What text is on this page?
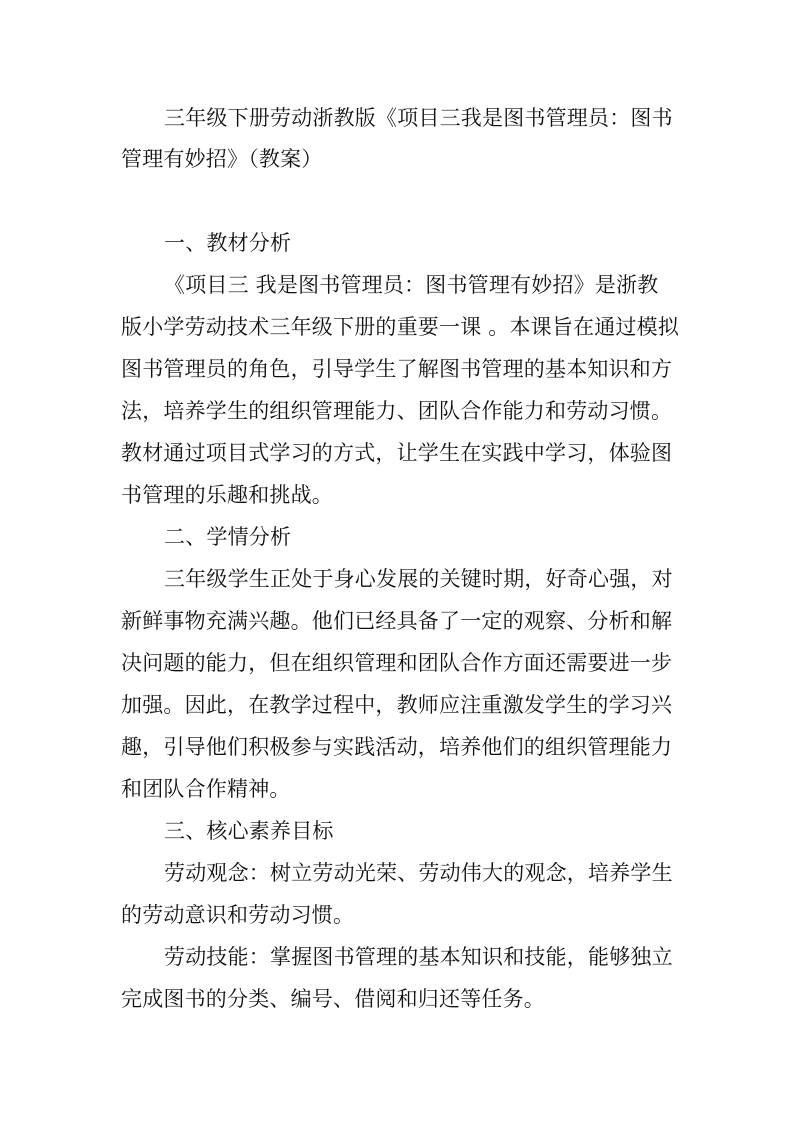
三年级下册劳动浙教版《项目三我是图书管理员：图书
管理有妙招》（教案）
一、教材分析
《项目三 我是图书管理员：图书管理有妙招》是浙教
版小学劳动技术三年级下册的重要一课 。本课旨在通过模拟
图书管理员的角色，引导学生了解图书管理的基本知识和方
法，培养学生的组织管理能力、团队合作能力和劳动习惯。
教材通过项目式学习的方式，让学生在实践中学习，体验图
书管理的乐趣和挑战。
二、学情分析
三年级学生正处于身心发展的关键时期，好奇心强，对
新鲜事物充满兴趣。他们已经具备了一定的观察、分析和解
决问题的能力，但在组织管理和团队合作方面还需要进一步
加强。因此，在教学过程中，教师应注重激发学生的学习兴
趣，引导他们积极参与实践活动，培养他们的组织管理能力
和团队合作精神。
三、核心素养目标
劳动观念：树立劳动光荣、劳动伟大的观念，培养学生
的劳动意识和劳动习惯。
劳动技能：掌握图书管理的基本知识和技能，能够独立
完成图书的分类、编号、借阅和归还等任务。
